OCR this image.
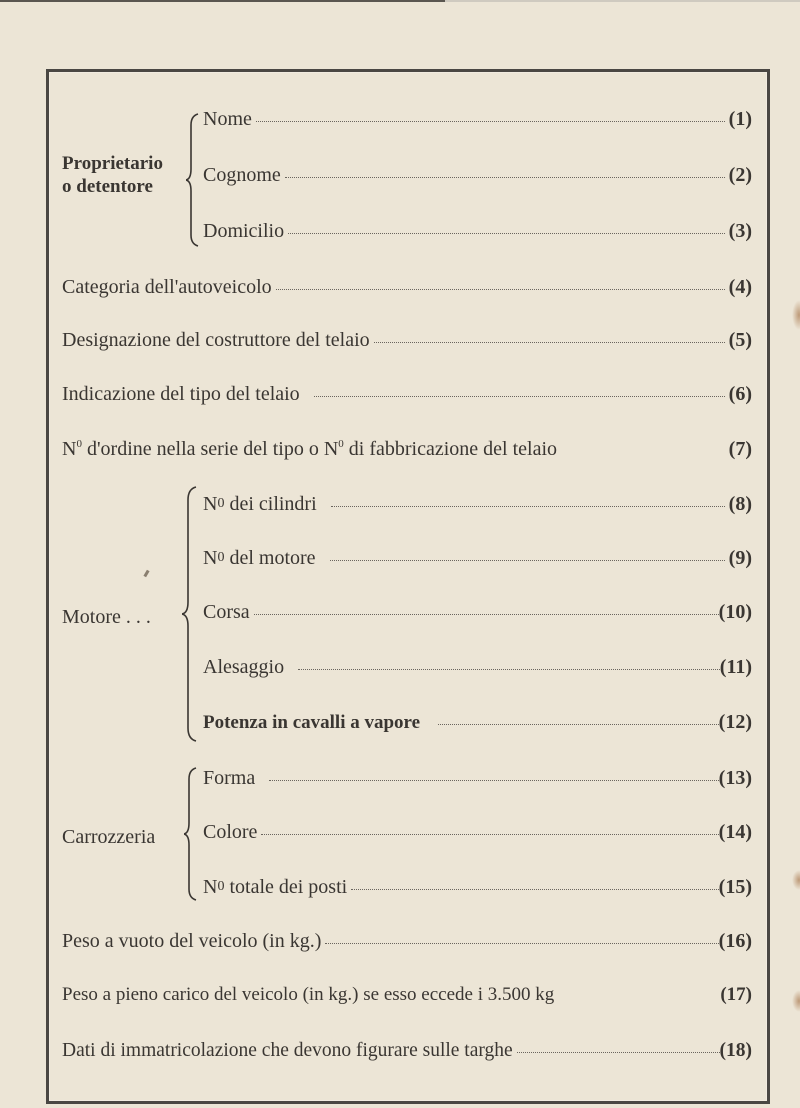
Proprietario
o detentore
Nome	(1)
Cognome	(2)
Domicilio	(3)
Categoria dell'autoveicolo	(4)
Designazione del costruttore del telaio	(5)
Indicazione del tipo del telaio	(6)
$N^0$ d'ordine nella serie del tipo o $N^0$ di fabbricazione del telaio	(7)
Motore . . .
N0 dei cilindri	(8)
N0 del motore	(9)
Corsa	(10)
Alesaggio	(11)
Potenza in cavalli a vapore	(12)
Carrozzeria
Forma	(13)
Colore	(14)
N0 totale dei posti	(15)
Peso a vuoto del veicolo (in kg.)	(16)
Peso a pieno carico del veicolo (in kg.) se esso eccede i 3.500 kg	(17)
Dati di immatricolazione che devono figurare sulle targhe	(18)
